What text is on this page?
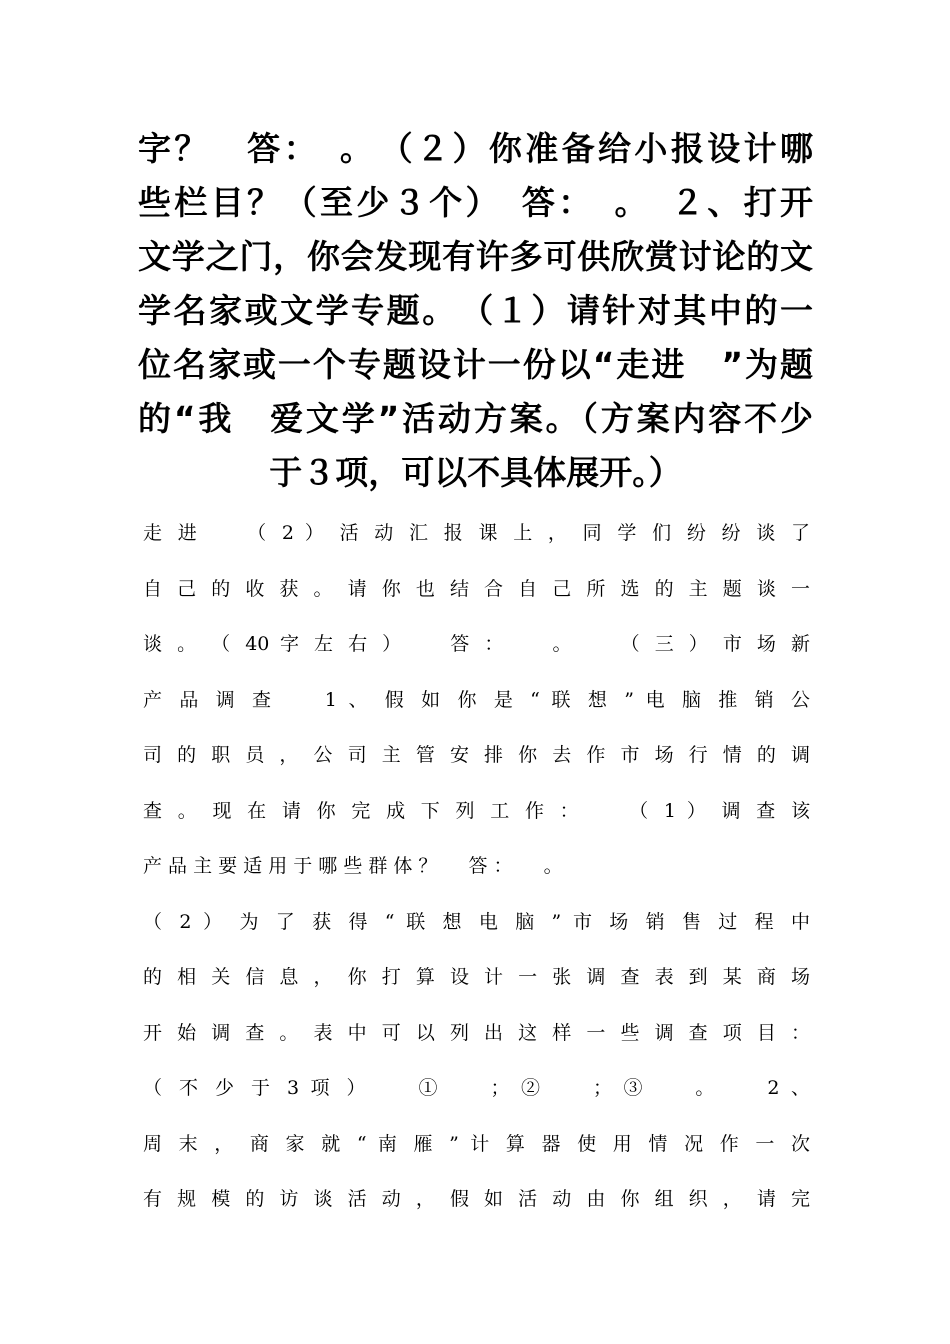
字？　答：　。　（２）你准备给小报设计哪
些栏目？（至少３个）　答：　。　２、打开
文学之门，你会发现有许多可供欣赏讨论的文
学名家或文学专题。　（１）请针对其中的一
位名家或一个专题设计一份以“走进　”为题
的“我　爱文学”活动方案。（方案内容不少
于３项，可以不具体展开。）
走 进 　 （ 2 ） 活 动 汇 报 课 上 ， 同 学 们 纷 纷 谈 了
自 己 的 收 获 。 请 你 也 结 合 自 己 所 选 的 主 题 谈 一
谈 。 （ 40 字 左 右 ） 　 答 ： 　 。 　 （ 三 ） 市 场 新
产 品 调 查 　 1 、 假 如 你 是 “ 联 想 ” 电 脑 推 销 公
司 的 职 员 ， 公 司 主 管 安 排 你 去 作 市 场 行 情 的 调
查 。 现 在 请 你 完 成 下 列 工 作 ： 　 （ 1 ） 调 查 该
产 品 主 要 适 用 于 哪 些 群 体 ？ 　 答 ： 　 。
（ 2 ） 为 了 获 得 “ 联 想 电 脑 ” 市 场 销 售 过 程 中
的 相 关 信 息 ， 你 打 算 设 计 一 张 调 查 表 到 某 商 场
开 始 调 查 。 表 中 可 以 列 出 这 样 一 些 调 查 项 目 ：
（ 不 少 于 3 项 ） 　 ① 　 ； ② 　 ； ③ 　 。 　 2 、
周 末 ， 商 家 就 “ 南 雁 ” 计 算 器 使 用 情 况 作 一 次
有 规 模 的 访 谈 活 动 ， 假 如 活 动 由 你 组 织 ， 请 完
